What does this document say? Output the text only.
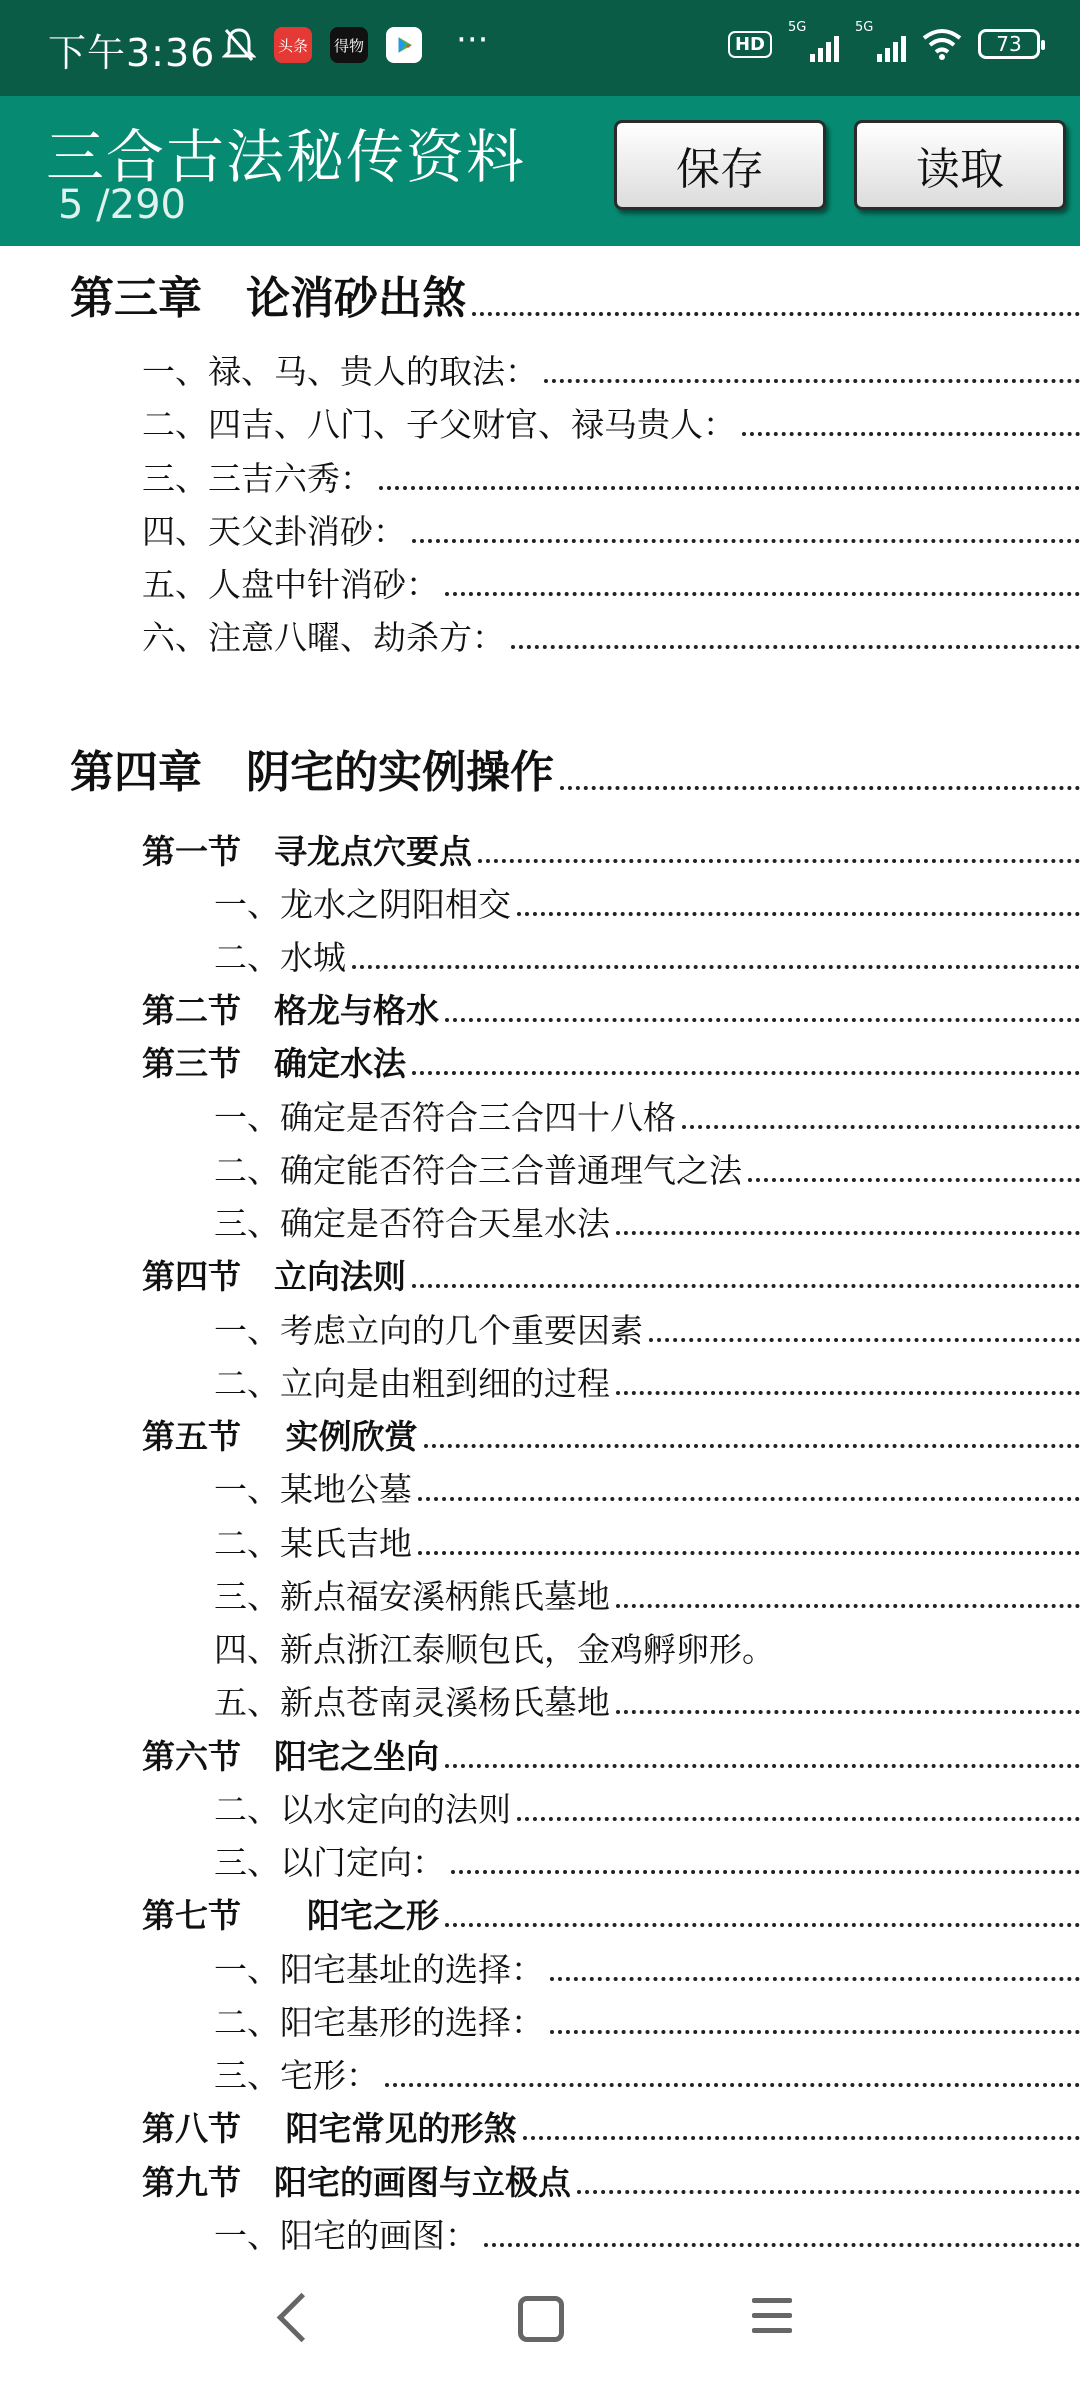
下午3:36	头条 得物	···	HD
5G	5G
73
三合古法秘传资料
5 /290
保存	读取
第三章　论消砂出煞
一、禄、马、贵人的取法：
二、四吉、八门、子父财官、禄马贵人：
三、三吉六秀：
四、天父卦消砂：
五、人盘中针消砂：
六、注意八曜、劫杀方：
第四章　阴宅的实例操作
第一节　寻龙点穴要点
一、龙水之阴阳相交
二、水城
第二节　格龙与格水
第三节　确定水法
一、确定是否符合三合四十八格
二、确定能否符合三合普通理气之法
三、确定是否符合天星水法
第四节　立向法则
一、考虑立向的几个重要因素
二、立向是由粗到细的过程
第五节　 实例欣赏
一、某地公墓
二、某氏吉地
三、新点福安溪柄熊氏墓地
四、新点浙江泰顺包氏，金鸡孵卵形。
五、新点苍南灵溪杨氏墓地
第六节　阳宅之坐向
二、以水定向的法则
三、以门定向：
第七节　　阳宅之形
一、阳宅基址的选择：
二、阳宅基形的选择：
三、宅形：
第八节　 阳宅常见的形煞
第九节　阳宅的画图与立极点
一、阳宅的画图：
